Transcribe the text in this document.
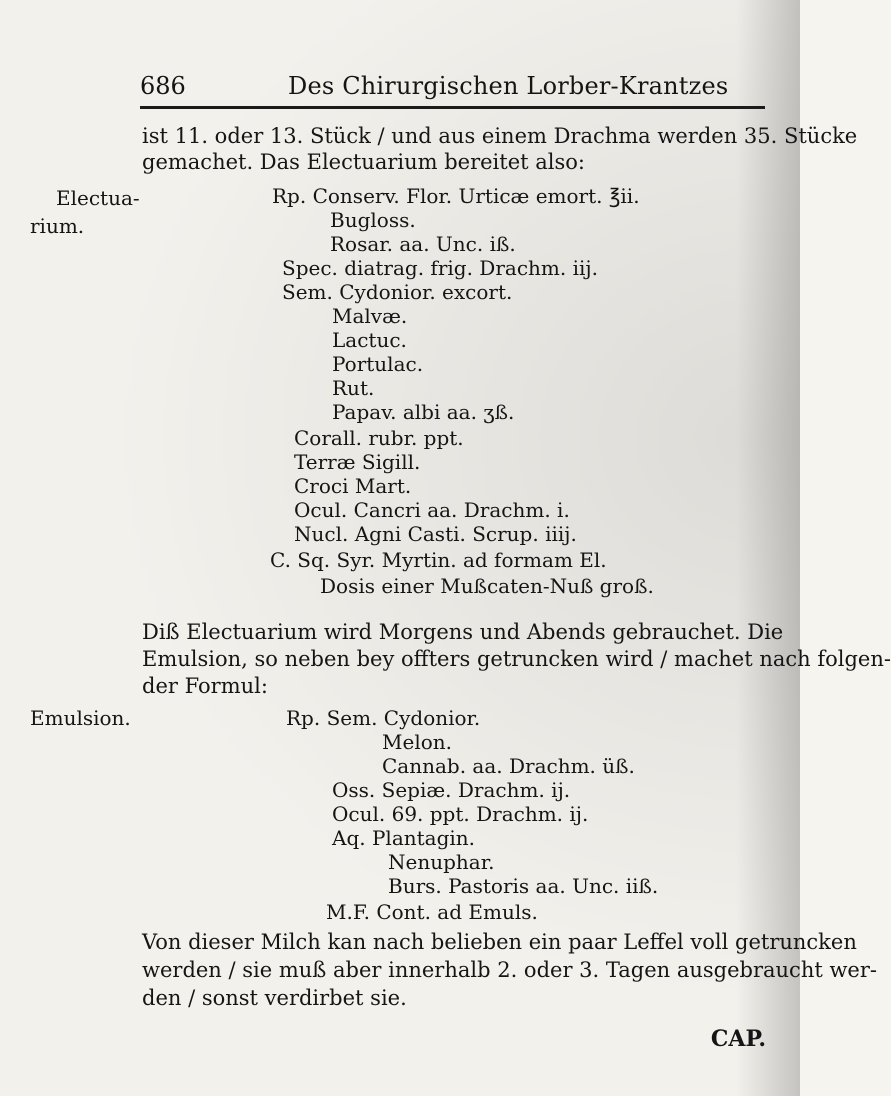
686	Des Chirurgischen Lorber-Krantzes
ist 11. oder 13. Stück / und aus einem Drachma werden 35. Stücke
gemachet. Das Electuarium bereitet also:
Electua-
rium.
Emulsion.
Rp. Conserv. Flor. Urticæ emort. ℥ii.
Bugloss.
Rosar. aa. Unc. iß.
Spec. diatrag. frig. Drachm. iij.
Sem. Cydonior. excort.
Malvæ.
Lactuc.
Portulac.
Rut.
Papav. albi aa. ʒß.
Corall. rubr. ppt.
Terræ Sigill.
Croci Mart.
Ocul. Cancri aa. Drachm. i.
Nucl. Agni Casti. Scrup. iiij.
C. Sq. Syr. Myrtin. ad formam El.
Dosis einer Mußcaten-Nuß groß.
Diß Electuarium wird Morgens und Abends gebrauchet. Die
Emulsion, so neben bey offters getruncken wird / machet nach folgen-
der Formul:
Rp. Sem. Cydonior.
Melon.
Cannab. aa. Drachm. üß.
Oss. Sepiæ. Drachm. ij.
Ocul. 69. ppt. Drachm. ij.
Aq. Plantagin.
Nenuphar.
Burs. Pastoris aa. Unc. iiß.
M.F. Cont. ad Emuls.
Von dieser Milch kan nach belieben ein paar Leffel voll getruncken
werden / sie muß aber innerhalb 2. oder 3. Tagen ausgebraucht wer-
den / sonst verdirbet sie.
CAP.
